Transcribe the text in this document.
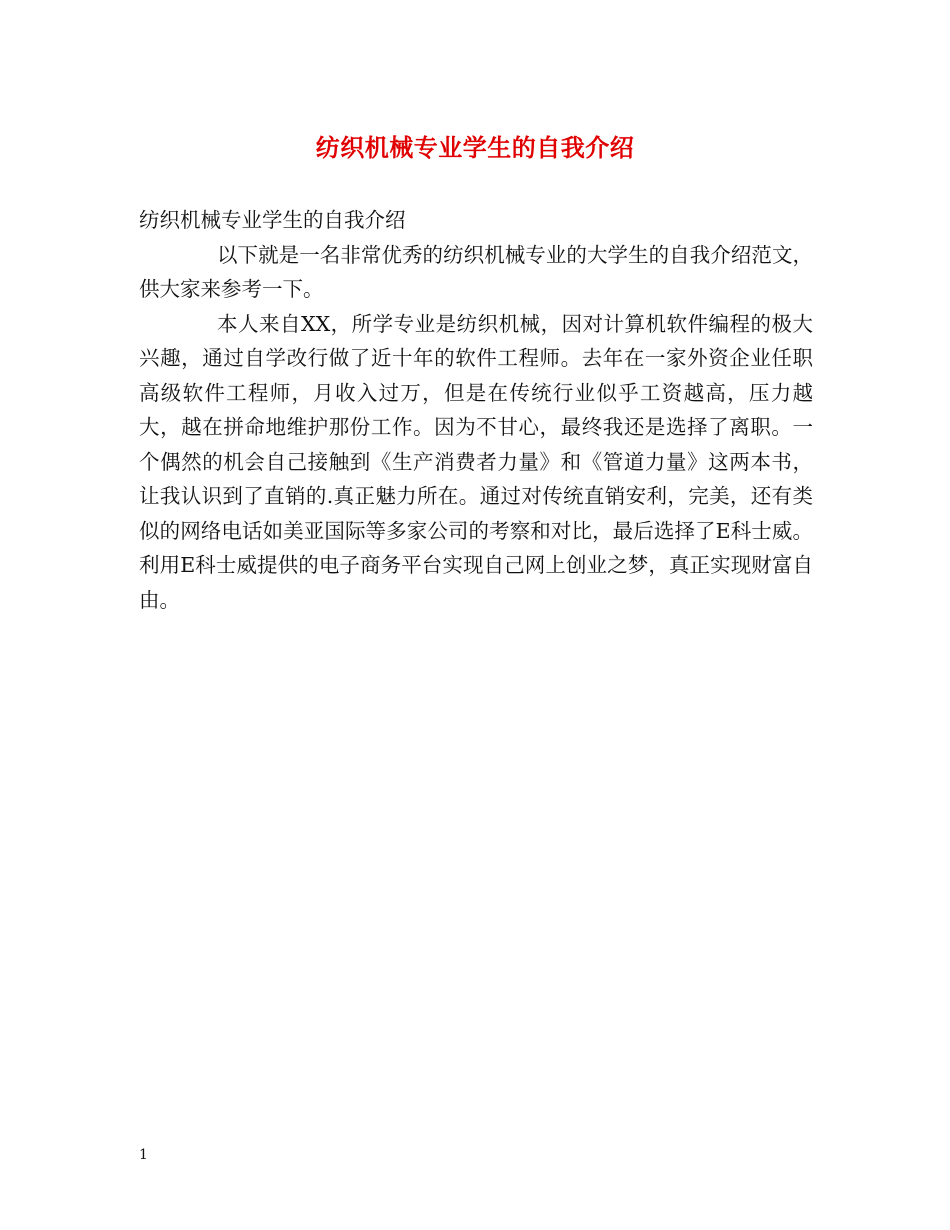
纺织机械专业学生的自我介绍

纺织机械专业学生的自我介绍

以下就是一名非常优秀的纺织机械专业的大学生的自我介绍范文，供大家来参考一下。

本人来自XX，所学专业是纺织机械，因对计算机软件编程的极大兴趣，通过自学改行做了近十年的软件工程师。去年在一家外资企业任职高级软件工程师，月收入过万，但是在传统行业似乎工资越高，压力越大，越在拼命地维护那份工作。因为不甘心，最终我还是选择了离职。一个偶然的机会自己接触到《生产消费者力量》和《管道力量》这两本书，让我认识到了直销的.真正魅力所在。通过对传统直销安利，完美，还有类似的网络电话如美亚国际等多家公司的考察和对比，最后选择了E科士威。利用E科士威提供的电子商务平台实现自己网上创业之梦，真正实现财富自由。

1
